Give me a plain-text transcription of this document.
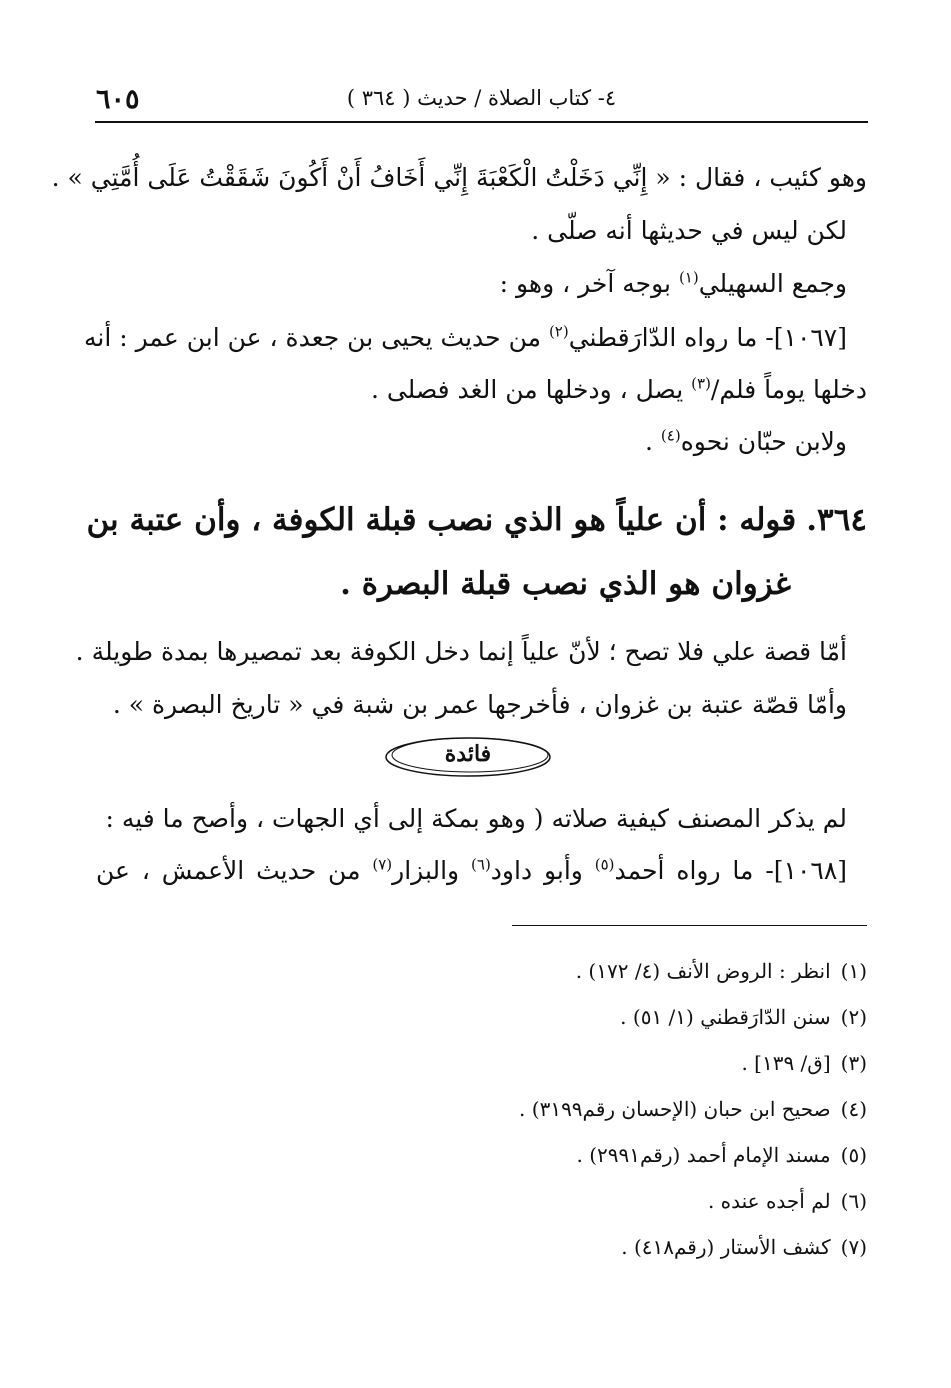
٤- كتاب الصلاة / حديث ( ٣٦٤ )
٦٠٥
وهو كئيب ، فقال : « إِنِّي دَخَلْتُ الْكَعْبَةَ إِنِّي أَخَافُ أَنْ أَكُونَ شَقَقْتُ عَلَى أُمَّتِي » .
لكن ليس في حديثها أنه صلّى .
وجمع السهيلي$^{(١)}$ بوجه آخر ، وهو :
[١٠٦٧]- ما رواه الدّارَقطني$^{(٢)}$ من حديث يحيى بن جعدة ، عن ابن عمر : أنه
دخلها يوماً فلم/$^{(٣)}$ يصل ، ودخلها من الغد فصلى .
ولابن حبّان نحوه$^{(٤)}$ .
٣٦٤.قوله : أن علياً هو الذي نصب قبلة الكوفة ، وأن عتبة بن
غزوان هو الذي نصب قبلة البصرة .
أمّا قصة علي فلا تصح ؛ لأنّ علياً إنما دخل الكوفة بعد تمصيرها بمدة طويلة .
وأمّا قصّة عتبة بن غزوان ، فأخرجها عمر بن شبة في « تاريخ البصرة » .
فائدة
لم يذكر المصنف كيفية صلاته ( وهو بمكة إلى أي الجهات ، وأصح ما فيه :
[١٠٦٨]- ما رواه أحمد$^{(٥)}$ وأبو داود$^{(٦)}$ والبزار$^{(٧)}$ من حديث الأعمش ، عن
(١)انظر : الروض الأنف (٤/ ١٧٢) .
(٢)سنن الدّارَقطني (١/ ٥١) .
(٣)[ق/ ١٣٩] .
(٤)صحيح ابن حبان (الإحسان رقم٣١٩٩) .
(٥)مسند الإمام أحمد (رقم٢٩٩١) .
(٦)لم أجده عنده .
(٧)كشف الأستار (رقم٤١٨) .
